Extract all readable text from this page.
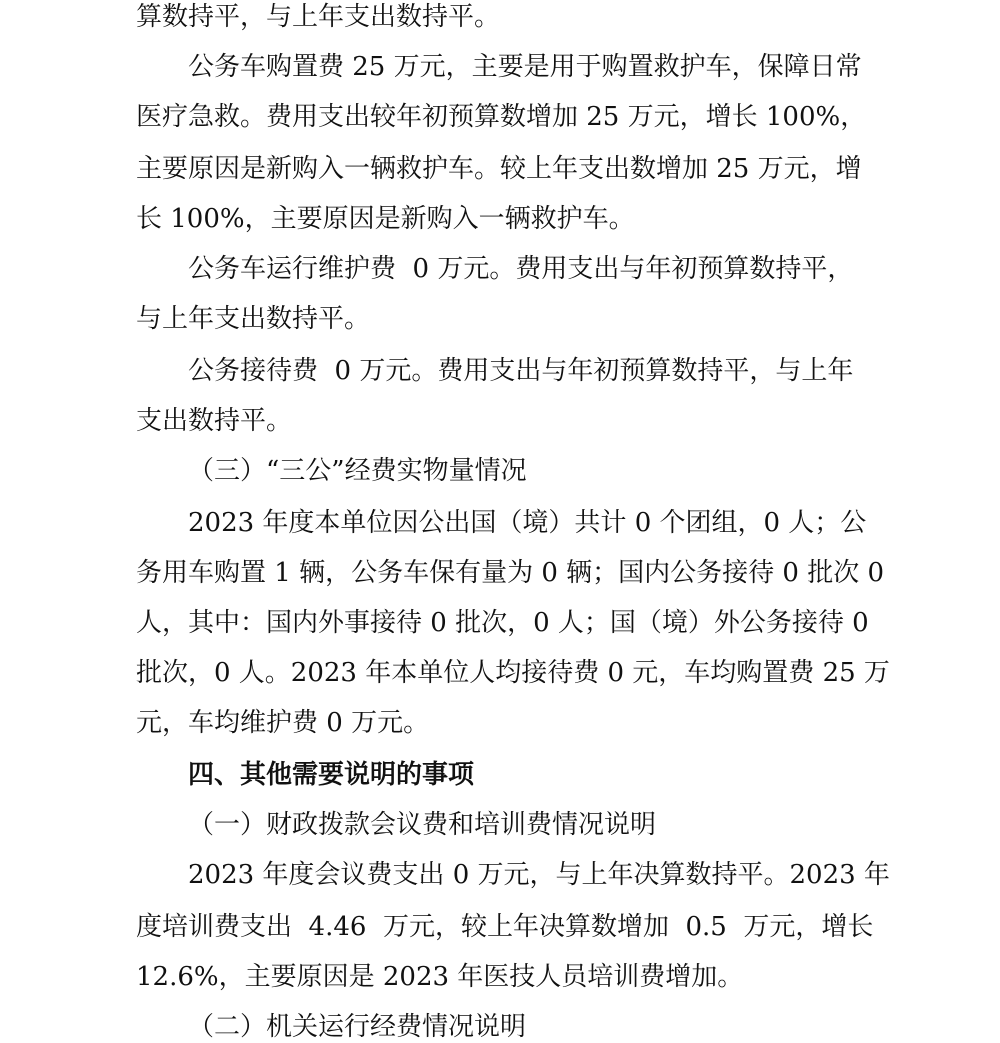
算数持平，与上年支出数持平。
公务车购置费 25 万元，主要是用于购置救护车，保障日常
医疗急救。费用支出较年初预算数增加 25 万元，增长 100%，
主要原因是新购入一辆救护车。较上年支出数增加 25 万元，增
长 100%，主要原因是新购入一辆救护车。
公务车运行维护费  0 万元。费用支出与年初预算数持平，
与上年支出数持平。
公务接待费  0 万元。费用支出与年初预算数持平，与上年
支出数持平。
（三）“三公”经费实物量情况
2023 年度本单位因公出国（境）共计 0 个团组，0 人；公
务用车购置 1 辆，公务车保有量为 0 辆；国内公务接待 0 批次 0
人，其中：国内外事接待 0 批次，0 人；国（境）外公务接待 0
批次，0 人。2023 年本单位人均接待费 0 元，车均购置费 25 万
元，车均维护费 0 万元。
四、其他需要说明的事项
（一）财政拨款会议费和培训费情况说明
2023 年度会议费支出 0 万元，与上年决算数持平。2023 年
度培训费支出  4.46  万元，较上年决算数增加  0.5  万元，增长
12.6%，主要原因是 2023 年医技人员培训费增加。
（二）机关运行经费情况说明
